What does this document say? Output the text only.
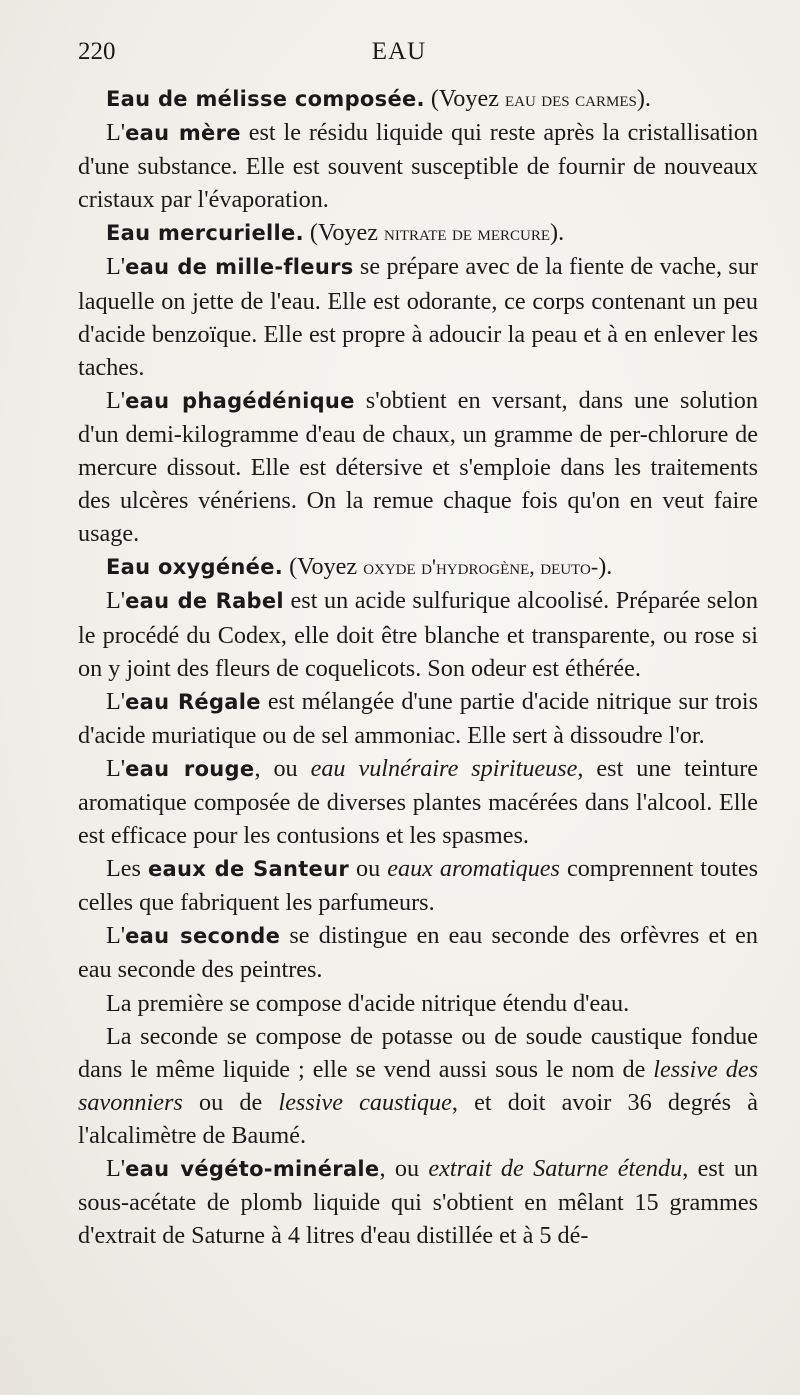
220	EAU

Eau de mélisse composée. (Voyez eau des carmes).

L'eau mère est le résidu liquide qui reste après la cristallisation d'une substance. Elle est souvent susceptible de fournir de nouveaux cristaux par l'évaporation.

Eau mercurielle. (Voyez nitrate de mercure).

L'eau de mille-fleurs se prépare avec de la fiente de vache, sur laquelle on jette de l'eau. Elle est odorante, ce corps contenant un peu d'acide benzoïque. Elle est propre à adoucir la peau et à en enlever les taches.

L'eau phagédénique s'obtient en versant, dans une solution d'un demi-kilogramme d'eau de chaux, un gramme de per-chlorure de mercure dissout. Elle est détersive et s'emploie dans les traitements des ulcères vénériens. On la remue chaque fois qu'on en veut faire usage.

Eau oxygénée. (Voyez oxyde d'hydrogène, deuto-).

L'eau de Rabel est un acide sulfurique alcoolisé. Préparée selon le procédé du Codex, elle doit être blanche et transparente, ou rose si on y joint des fleurs de coquelicots. Son odeur est éthérée.

L'eau Régale est mélangée d'une partie d'acide nitrique sur trois d'acide muriatique ou de sel ammoniac. Elle sert à dissoudre l'or.

L'eau rouge, ou eau vulnéraire spiritueuse, est une teinture aromatique composée de diverses plantes macérées dans l'alcool. Elle est efficace pour les contusions et les spasmes.

Les eaux de Santeur ou eaux aromatiques comprennent toutes celles que fabriquent les parfumeurs.

L'eau seconde se distingue en eau seconde des orfèvres et en eau seconde des peintres.

La première se compose d'acide nitrique étendu d'eau.

La seconde se compose de potasse ou de soude caustique fondue dans le même liquide ; elle se vend aussi sous le nom de lessive des savonniers ou de lessive caustique, et doit avoir 36 degrés à l'alcalimètre de Baumé.

L'eau végéto-minérale, ou extrait de Saturne étendu, est un sous-acétate de plomb liquide qui s'obtient en mêlant 15 grammes d'extrait de Saturne à 4 litres d'eau distillée et à 5 dé-
